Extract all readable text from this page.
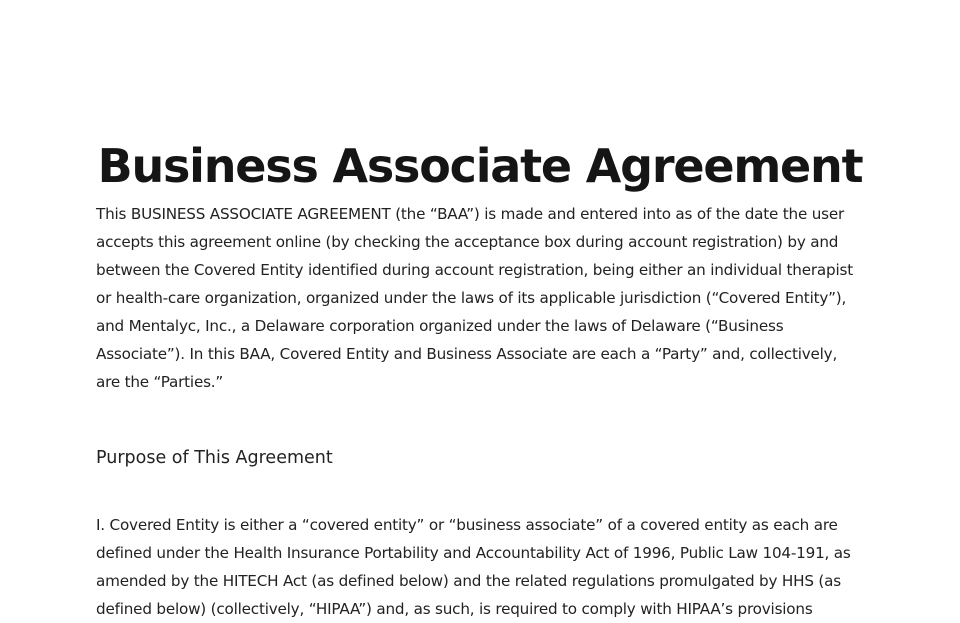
Business Associate Agreement

This BUSINESS ASSOCIATE AGREEMENT (the “BAA”) is made and entered into as of the date the user accepts this agreement online (by checking the acceptance box during account registration) by and between the Covered Entity identified during account registration, being either an individual therapist or health-care organization, organized under the laws of its applicable jurisdiction (“Covered Entity”), and Mentalyc, Inc., a Delaware corporation organized under the laws of Delaware (“Business Associate”). In this BAA, Covered Entity and Business Associate are each a “Party” and, collectively, are the “Parties.”

Purpose of This Agreement

I. Covered Entity is either a “covered entity” or “business associate” of a covered entity as each are defined under the Health Insurance Portability and Accountability Act of 1996, Public Law 104-191, as amended by the HITECH Act (as defined below) and the related regulations promulgated by HHS (as defined below) (collectively, “HIPAA”) and, as such, is required to comply with HIPAA’s provisions
